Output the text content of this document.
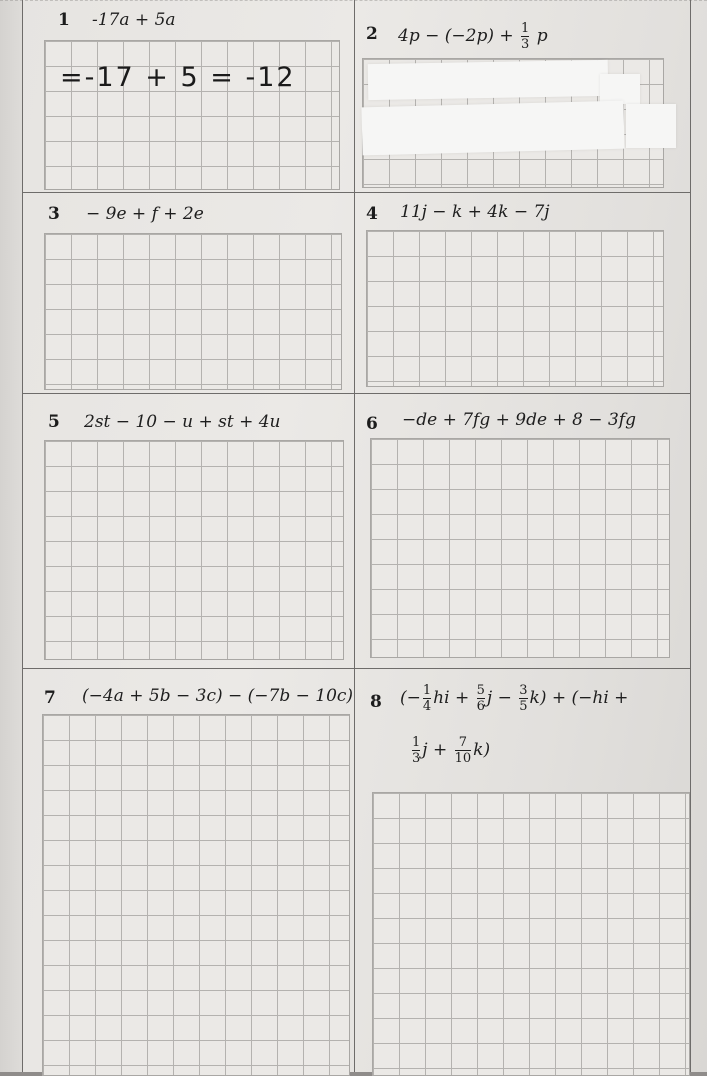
1 -17a + 5a
=-17 + 5 = -12
2 $4p - (-2p) + \frac{1}{3}$ p
3 − 9e + f + 2e	4 11j − k + 4k − 7j
5 2st − 10 − u + st + 4u	6 −de + 7fg + 9de + 8 − 3fg
7 (−4a + 5b − 3c) − (−7b − 10c) 8 (− $\frac{1}{4}$ hi + $\frac{5}{6}$ $j - \frac{3}{5} k) + (-hi$ +
$\frac{1}{3}$ $j + \frac{7}{10} k$)
